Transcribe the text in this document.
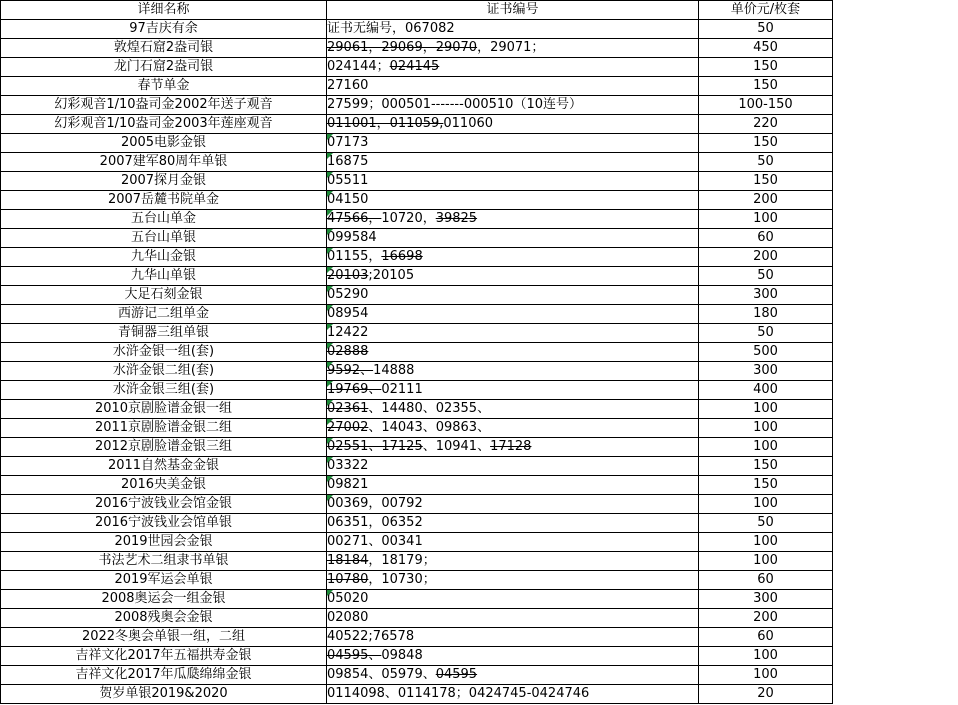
详细名称	证书编号	单价元/枚套
97吉庆有余	证书无编号，067082	50
敦煌石窟2盎司银	29061，29069，29070，29071；	450
龙门石窟2盎司银	024144；024145	150
春节单金	27160	150
幻彩观音1/10盎司金2002年送子观音	27599；000501-------000510（10连号）	100-150
幻彩观音1/10盎司金2003年莲座观音	011001，011059,011060	220
2005电影金银	07173	150
2007建军80周年单银	16875	50
2007探月金银	05511	150
2007岳麓书院单金	04150	200
五台山单金	47566，10720，39825	100
五台山单银	099584	60
九华山金银	01155，16698	200
九华山单银	20103;20105	50
大足石刻金银	05290	300
西游记二组单金	08954	180
青铜器三组单银	12422	50
水浒金银一组(套)	02888	500
水浒金银二组(套)	9592、14888	300
水浒金银三组(套)	19769、02111	400
2010京剧脸谱金银一组	02361、14480、02355、	100
2011京剧脸谱金银二组	27002、14043、09863、	100
2012京剧脸谱金银三组	02551、17125、10941、17128	100
2011自然基金金银	03322	150
2016央美金银	09821	150
2016宁波钱业会馆金银	00369，00792	100
2016宁波钱业会馆单银	06351，06352	50
2019世园会金银	00271、00341	100
书法艺术二组隶书单银	18184，18179；	100
2019军运会单银	10780，10730；	60
2008奥运会一组金银	05020	300
2008残奥会金银	02080	200
2022冬奥会单银一组，二组	40522;76578	60
吉祥文化2017年五福拱寿金银	04595、09848	100
吉祥文化2017年瓜瓞绵绵金银	09854、05979、04595	100
贺岁单银2019&2020	0114098、0114178；0424745-0424746	20
